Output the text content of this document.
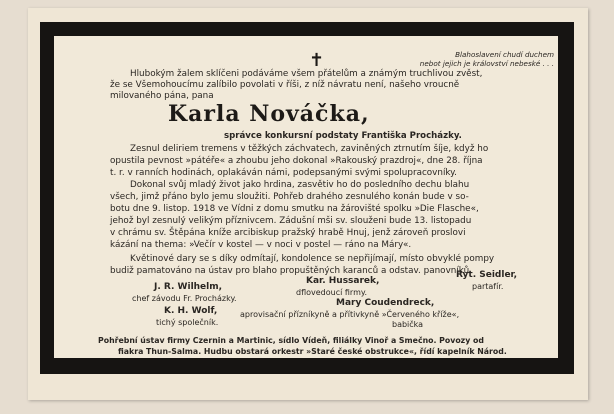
✝	Blahoslavení chudí duchem
nebot jejich je království nebeské . . .
Hlubokým žalem sklíčeni podáváme všem přátelům a známým truchlivou zvěst,
že se Všemohoucímu zalíbilo povolati v říši, z níž návratu není, našeho vroucně
milovaného pána, pana
Karla Nováčka,
správce konkursní podstaty Františka Procházky.
Zesnul deliriem tremens v těžkých záchvatech, zaviněných ztrnutím šíje, když ho
opustila pevnost »pátéře« a zhoubu jeho dokonal »Rakouský prazdroj«, dne 28. října
t. r. v ranních hodinách, oplakáván námi, podepsanými svými spolupracovníky.
Dokonal svůj mladý život jako hrdina, zasvětiv ho do posledního dechu blahu
všech, jimž přáno bylo jemu sloužiti. Pohřeb drahého zesnulého konán bude v so-
botu dne 9. listop. 1918 ve Vídni z domu smutku na žárovišté spolku »Die Flasche«,
jehož byl zesnulý velikým příznivcem. Zádušní mši sv. slouženi bude 13. listopadu
v chrámu sv. Štěpána kníže arcibiskup pražský hrabě Hnuj, jenž zároveň proslovi
kázání na thema: »Večír v kostel — v noci v postel — ráno na Máry«.
Květinové dary se s díky odmítají, kondolence se nepřijímají, místo obvyklé pompy
budiž pamatováno na ústav pro blaho propuštěných karanců a odstav. panovníků.
J. R. Wilhelm,
chef závodu Fr. Procházky.
Kar. Hussarek,
dflovedoucí firmy.
Ryt. Seidler,
partafír.
K. H. Wolf,
tichý společník.
Mary Coudendreck,
aprovisační přízníkyně a přítivkyně »Červeného kříže«,
babička
Pohřební ústav firmy Czernin a Martinic, sídlo Vídeň, filiálky Vinoř a Smečno. Povozy od
fiakra Thun-Salma. Hudbu obstará orkestr »Staré české obstrukce«, řídí kapelník Národ.
